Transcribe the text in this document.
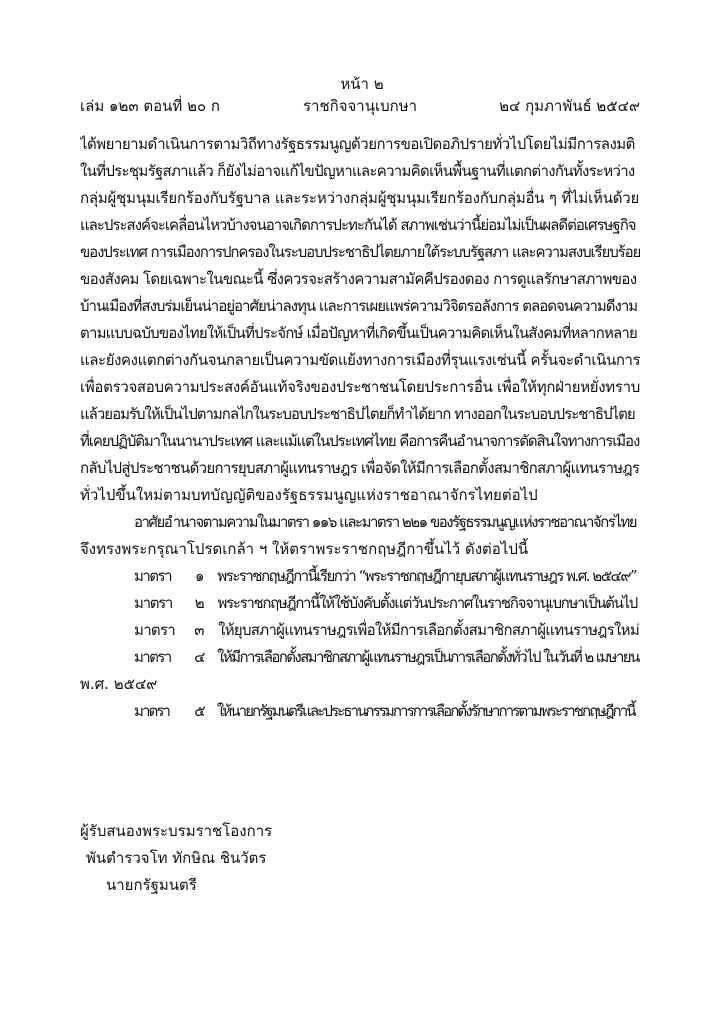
หน้า ๒
เล่ม ๑๒๓ ตอนที่ ๒๐ ก	ราชกิจจานุเบกษา	๒๔ กุมภาพันธ์ ๒๕๔๙
ได้พยายามดำเนินการตามวิถีทางรัฐธรรมนูญด้วยการขอเปิดอภิปรายทั่วไปโดยไม่มีการลงมติ
ในที่ประชุมรัฐสภาแล้ว ก็ยังไม่อาจแก้ไขปัญหาและความคิดเห็นพื้นฐานที่แตกต่างกันทั้งระหว่าง
กลุ่มผู้ชุมนุมเรียกร้องกับรัฐบาล และระหว่างกลุ่มผู้ชุมนุมเรียกร้องกับกลุ่มอื่น ๆ ที่ไม่เห็นด้วย
และประสงค์จะเคลื่อนไหวบ้างจนอาจเกิดการปะทะกันได้ สภาพเช่นว่านี้ย่อมไม่เป็นผลดีต่อเศรษฐกิจ
ของประเทศ การเมืองการปกครองในระบอบประชาธิปไตยภายใต้ระบบรัฐสภา และความสงบเรียบร้อย
ของสังคม โดยเฉพาะในขณะนี้ ซึ่งควรจะสร้างความสามัคคีปรองดอง การดูแลรักษาสภาพของ
บ้านเมืองที่สงบร่มเย็นน่าอยู่อาศัยน่าลงทุน และการเผยแพร่ความวิจิตรอลังการ ตลอดจนความดีงาม
ตามแบบฉบับของไทยให้เป็นที่ประจักษ์ เมื่อปัญหาที่เกิดขึ้นเป็นความคิดเห็นในสังคมที่หลากหลาย
และยังคงแตกต่างกันจนกลายเป็นความขัดแย้งทางการเมืองที่รุนแรงเช่นนี้ ครั้นจะดำเนินการ
เพื่อตรวจสอบความประสงค์อันแท้จริงของประชาชนโดยประการอื่น เพื่อให้ทุกฝ่ายหยั่งทราบ
แล้วยอมรับให้เป็นไปตามกลไกในระบอบประชาธิปไตยก็ทำได้ยาก ทางออกในระบอบประชาธิปไตย
ที่เคยปฏิบัติมาในนานาประเทศ และแม้แต่ในประเทศไทย คือการคืนอำนาจการตัดสินใจทางการเมือง
กลับไปสู่ประชาชนด้วยการยุบสภาผู้แทนราษฎร เพื่อจัดให้มีการเลือกตั้งสมาชิกสภาผู้แทนราษฎร
ทั่วไปขึ้นใหม่ตามบทบัญญัติของรัฐธรรมนูญแห่งราชอาณาจักรไทยต่อไป
อาศัยอำนาจตามความในมาตรา ๑๑๖ และมาตรา ๒๒๑ ของรัฐธรรมนูญแห่งราชอาณาจักรไทย
จึงทรงพระกรุณาโปรดเกล้า ฯ ให้ตราพระราชกฤษฎีกาขึ้นไว้ ดังต่อไปนี้
มาตรา ๑ พระราชกฤษฎีกานี้เรียกว่า “พระราชกฤษฎีกายุบสภาผู้แทนราษฎร พ.ศ. ๒๕๔๙”
มาตรา ๒ พระราชกฤษฎีกานี้ให้ใช้บังคับตั้งแต่วันประกาศในราชกิจจานุเบกษาเป็นต้นไป
มาตรา ๓ ให้ยุบสภาผู้แทนราษฎรเพื่อให้มีการเลือกตั้งสมาชิกสภาผู้แทนราษฎรใหม่
มาตรา ๔ ให้มีการเลือกตั้งสมาชิกสภาผู้แทนราษฎรเป็นการเลือกตั้งทั่วไป ในวันที่ ๒ เมษายน
พ.ศ. ๒๕๔๙
มาตรา ๕ ให้นายกรัฐมนตรีและประธานกรรมการการเลือกตั้งรักษาการตามพระราชกฤษฎีกานี้
ผู้รับสนองพระบรมราชโองการ
พันตำรวจโท ทักษิณ ชินวัตร
นายกรัฐมนตรี
